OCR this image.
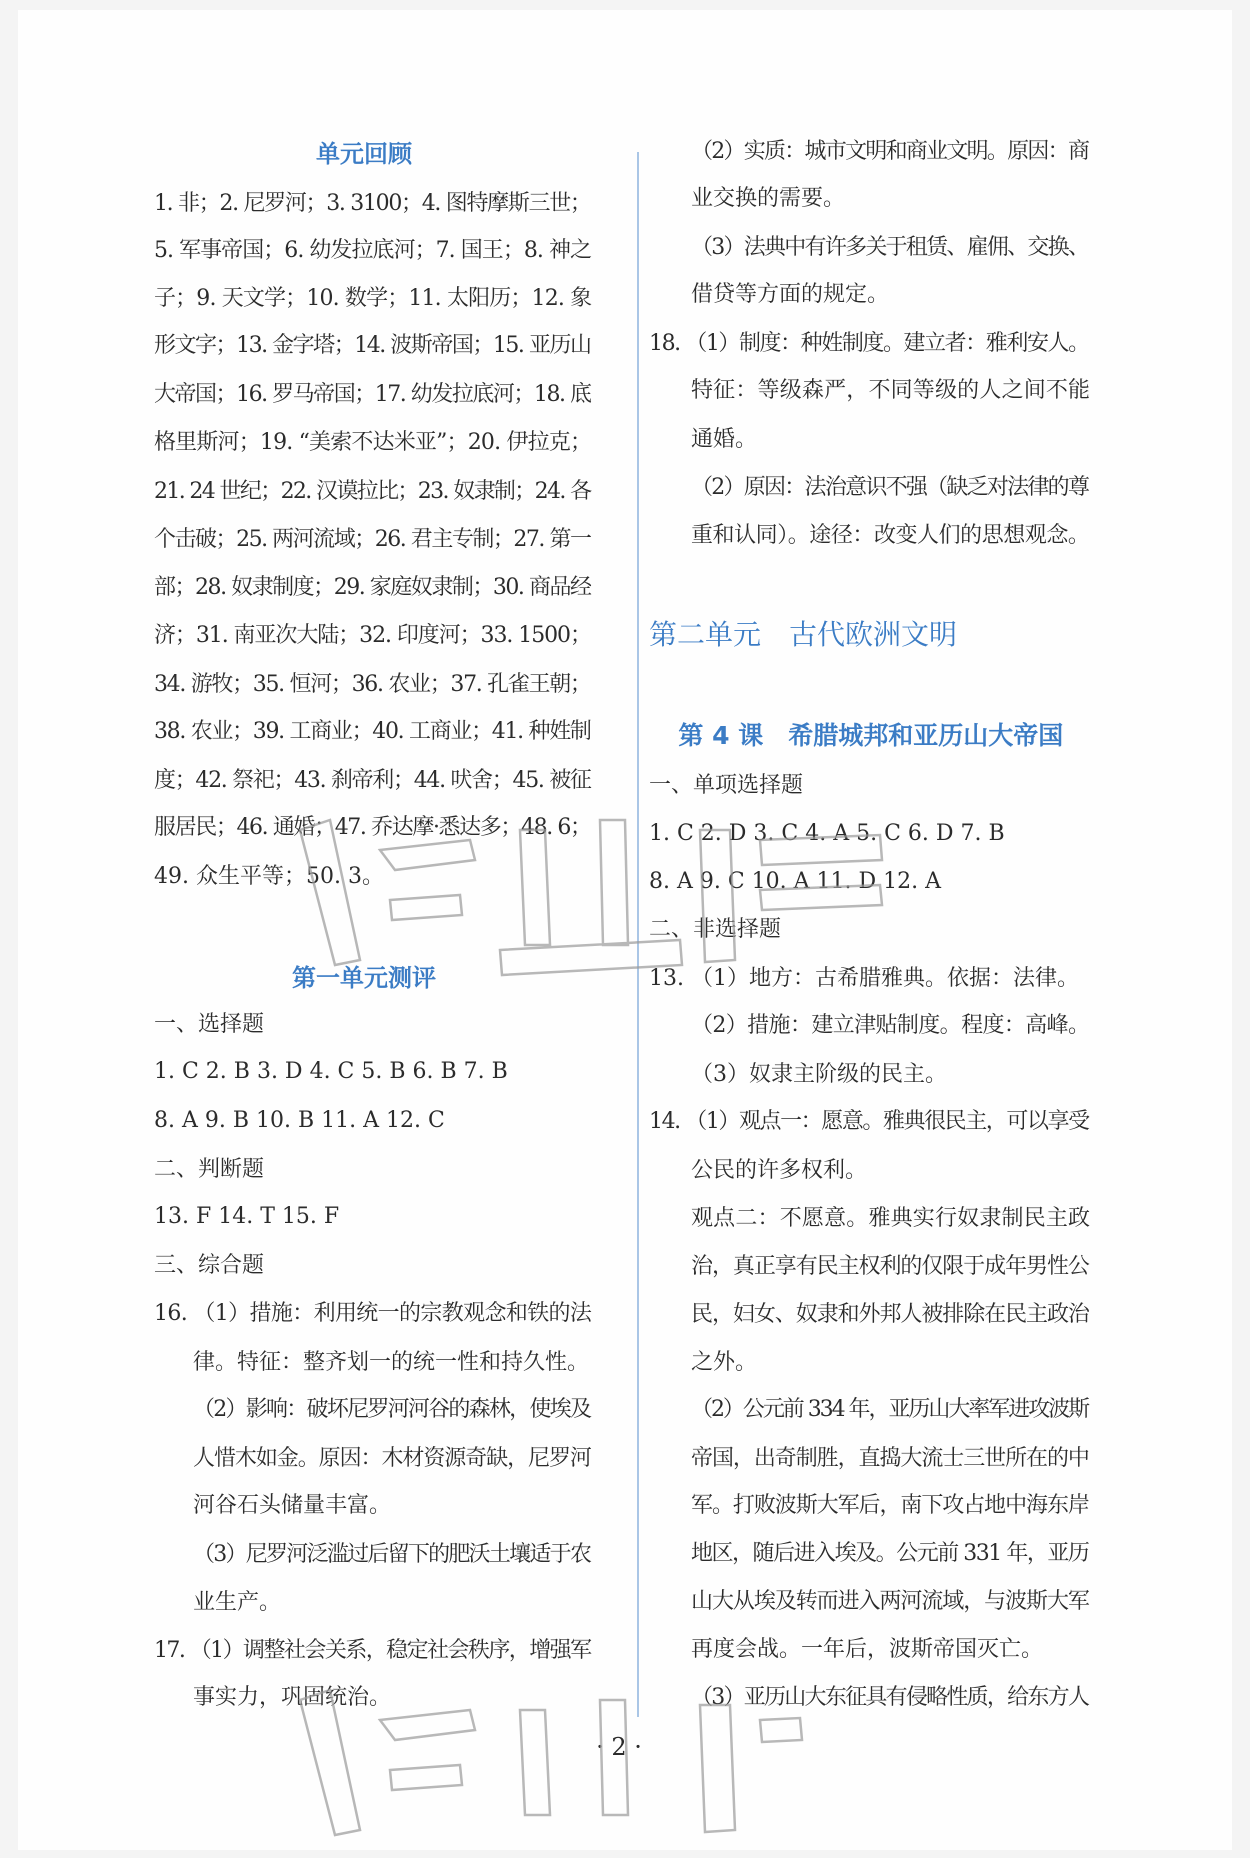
单元回顾
1. 非；2. 尼罗河；3. 3100；4. 图特摩斯三世；
5. 军事帝国；6. 幼发拉底河；7. 国王；8. 神之
子；9. 天文学；10. 数学；11. 太阳历；12. 象
形文字；13. 金字塔；14. 波斯帝国；15. 亚历山
大帝国；16. 罗马帝国；17. 幼发拉底河；18. 底
格里斯河；19. “美索不达米亚”；20. 伊拉克；
21. 24 世纪；22. 汉谟拉比；23. 奴隶制；24. 各
个击破；25. 两河流域；26. 君主专制；27. 第一
部；28. 奴隶制度；29. 家庭奴隶制；30. 商品经
济；31. 南亚次大陆；32. 印度河；33. 1500；
34. 游牧；35. 恒河；36. 农业；37. 孔雀王朝；
38. 农业；39. 工商业；40. 工商业；41. 种姓制
度；42. 祭祀；43. 刹帝利；44. 吠舍；45. 被征
服居民；46. 通婚；47. 乔达摩·悉达多；48. 6；
49. 众生平等；50. 3。
第一单元测评
一、选择题
1. C 2. B 3. D 4. C 5. B 6. B 7. B
8. A 9. B 10. B 11. A 12. C
二、判断题
13. F 14. T 15. F
三、综合题
16. （1）措施：利用统一的宗教观念和铁的法
律。特征：整齐划一的统一性和持久性。
（2）影响：破坏尼罗河河谷的森林，使埃及
人惜木如金。原因：木材资源奇缺，尼罗河
河谷石头储量丰富。
（3）尼罗河泛滥过后留下的肥沃土壤适于农
业生产。
17. （1）调整社会关系，稳定社会秩序，增强军
事实力，巩固统治。
（2）实质：城市文明和商业文明。原因：商
业交换的需要。
（3）法典中有许多关于租赁、雇佣、交换、
借贷等方面的规定。
18. （1）制度：种姓制度。建立者：雅利安人。
特征：等级森严，不同等级的人之间不能
通婚。
（2）原因：法治意识不强（缺乏对法律的尊
重和认同）。途径：改变人们的思想观念。
第二单元　古代欧洲文明
第 4 课　希腊城邦和亚历山大帝国
一、单项选择题
1. C 2. D 3. C 4. A 5. C 6. D 7. B
8. A 9. C 10. A 11. D 12. A
二、非选择题
13. （1）地方：古希腊雅典。依据：法律。
（2）措施：建立津贴制度。程度：高峰。
（3）奴隶主阶级的民主。
14. （1）观点一：愿意。雅典很民主，可以享受
公民的许多权利。
观点二：不愿意。雅典实行奴隶制民主政
治，真正享有民主权利的仅限于成年男性公
民，妇女、奴隶和外邦人被排除在民主政治
之外。
（2）公元前 334 年，亚历山大率军进攻波斯
帝国，出奇制胜，直捣大流士三世所在的中
军。打败波斯大军后，南下攻占地中海东岸
地区，随后进入埃及。公元前 331 年，亚历
山大从埃及转而进入两河流域，与波斯大军
再度会战。一年后，波斯帝国灭亡。
（3）亚历山大东征具有侵略性质，给东方人
· 2 ·
